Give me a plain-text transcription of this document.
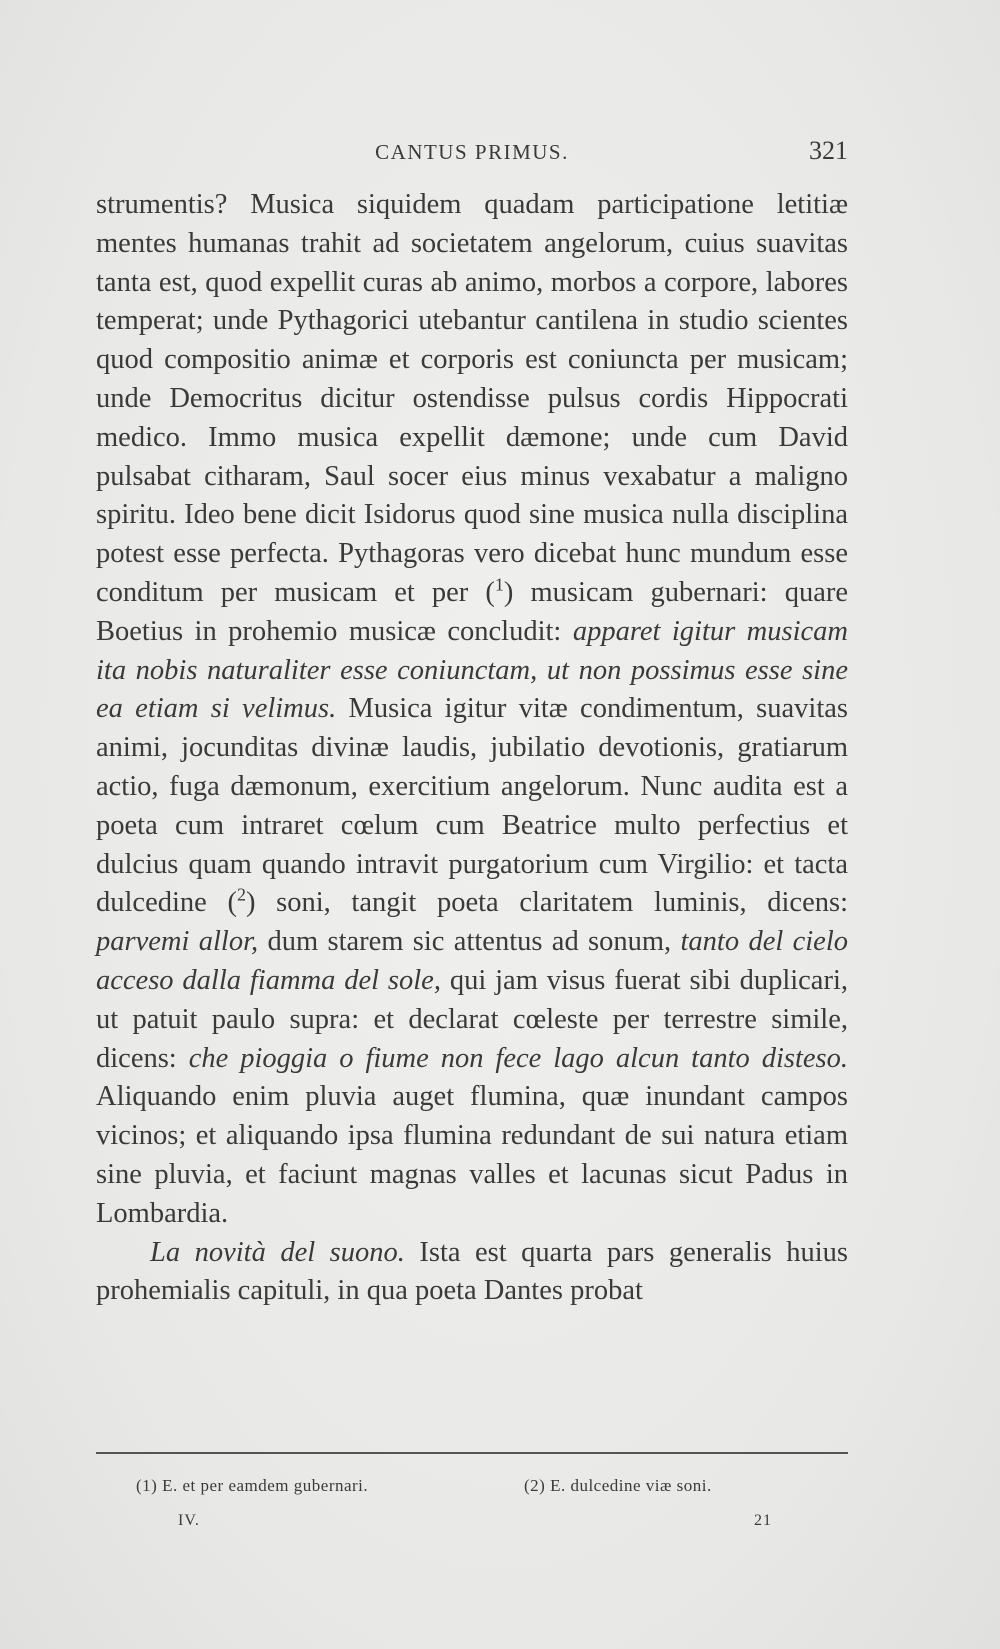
CANTUS PRIMUS.	321

strumentis? Musica siquidem quadam participatione letitiæ mentes humanas trahit ad societatem angelorum, cuius suavitas tanta est, quod expellit curas ab animo, morbos a corpore, labores temperat; unde Pythagorici utebantur cantilena in studio scientes quod compositio animæ et corporis est coniuncta per musicam; unde Democritus dicitur ostendisse pulsus cordis Hippocrati medico. Immo musica expellit dæmone; unde cum David pulsabat citharam, Saul socer eius minus vexabatur a maligno spiritu. Ideo bene dicit Isidorus quod sine musica nulla disciplina potest esse perfecta. Pythagoras vero dicebat hunc mundum esse conditum per musicam et per ($^1$) musicam gubernari: quare Boetius in prohemio musicæ concludit: apparet igitur musicam ita nobis naturaliter esse coniunctam, ut non possimus esse sine ea etiam si velimus. Musica igitur vitæ condimentum, suavitas animi, jocunditas divinæ laudis, jubilatio devotionis, gratiarum actio, fuga dæmonum, exercitium angelorum. Nunc audita est a poeta cum intraret cœlum cum Beatrice multo perfectius et dulcius quam quando intravit purgatorium cum Virgilio: et tacta dulcedine ($^2$) soni, tangit poeta claritatem luminis, dicens: parvemi allor, dum starem sic attentus ad sonum, tanto del cielo acceso dalla fiamma del sole, qui jam visus fuerat sibi duplicari, ut patuit paulo supra: et declarat cœleste per terrestre simile, dicens: che pioggia o fiume non fece lago alcun tanto disteso. Aliquando enim pluvia auget flumina, quæ inundant campos vicinos; et aliquando ipsa flumina redundant de sui natura etiam sine pluvia, et faciunt magnas valles et lacunas sicut Padus in Lombardia.

La novità del suono. Ista est quarta pars generalis huius prohemialis capituli, in qua poeta Dantes probat

(1) E. et per eamdem gubernari.	(2) E. dulcedine viæ soni.
IV.	21
